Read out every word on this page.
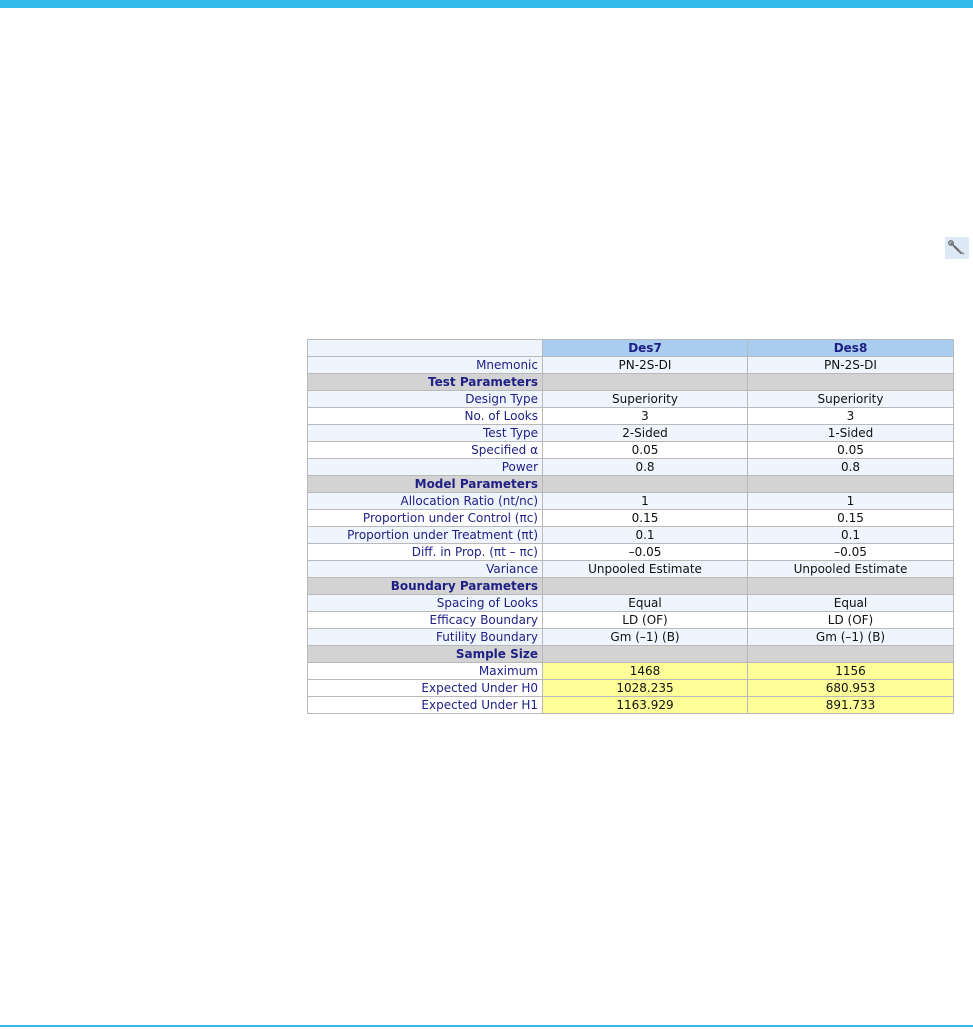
	Des7	Des8
Mnemonic	PN-2S-DI	PN-2S-DI
Test Parameters		
Design Type	Superiority	Superiority
No. of Looks	3	3
Test Type	2-Sided	1-Sided
Specified α	0.05	0.05
Power	0.8	0.8
Model Parameters		
Allocation Ratio (nt/nc)	1	1
Proportion under Control (πc)	0.15	0.15
Proportion under Treatment (πt)	0.1	0.1
Diff. in Prop. (πt – πc)	–0.05	–0.05
Variance	Unpooled Estimate	Unpooled Estimate
Boundary Parameters		
Spacing of Looks	Equal	Equal
Efficacy Boundary	LD (OF)	LD (OF)
Futility Boundary	Gm (–1) (B)	Gm (–1) (B)
Sample Size		
Maximum	1468	1156
Expected Under H0	1028.235	680.953
Expected Under H1	1163.929	891.733
